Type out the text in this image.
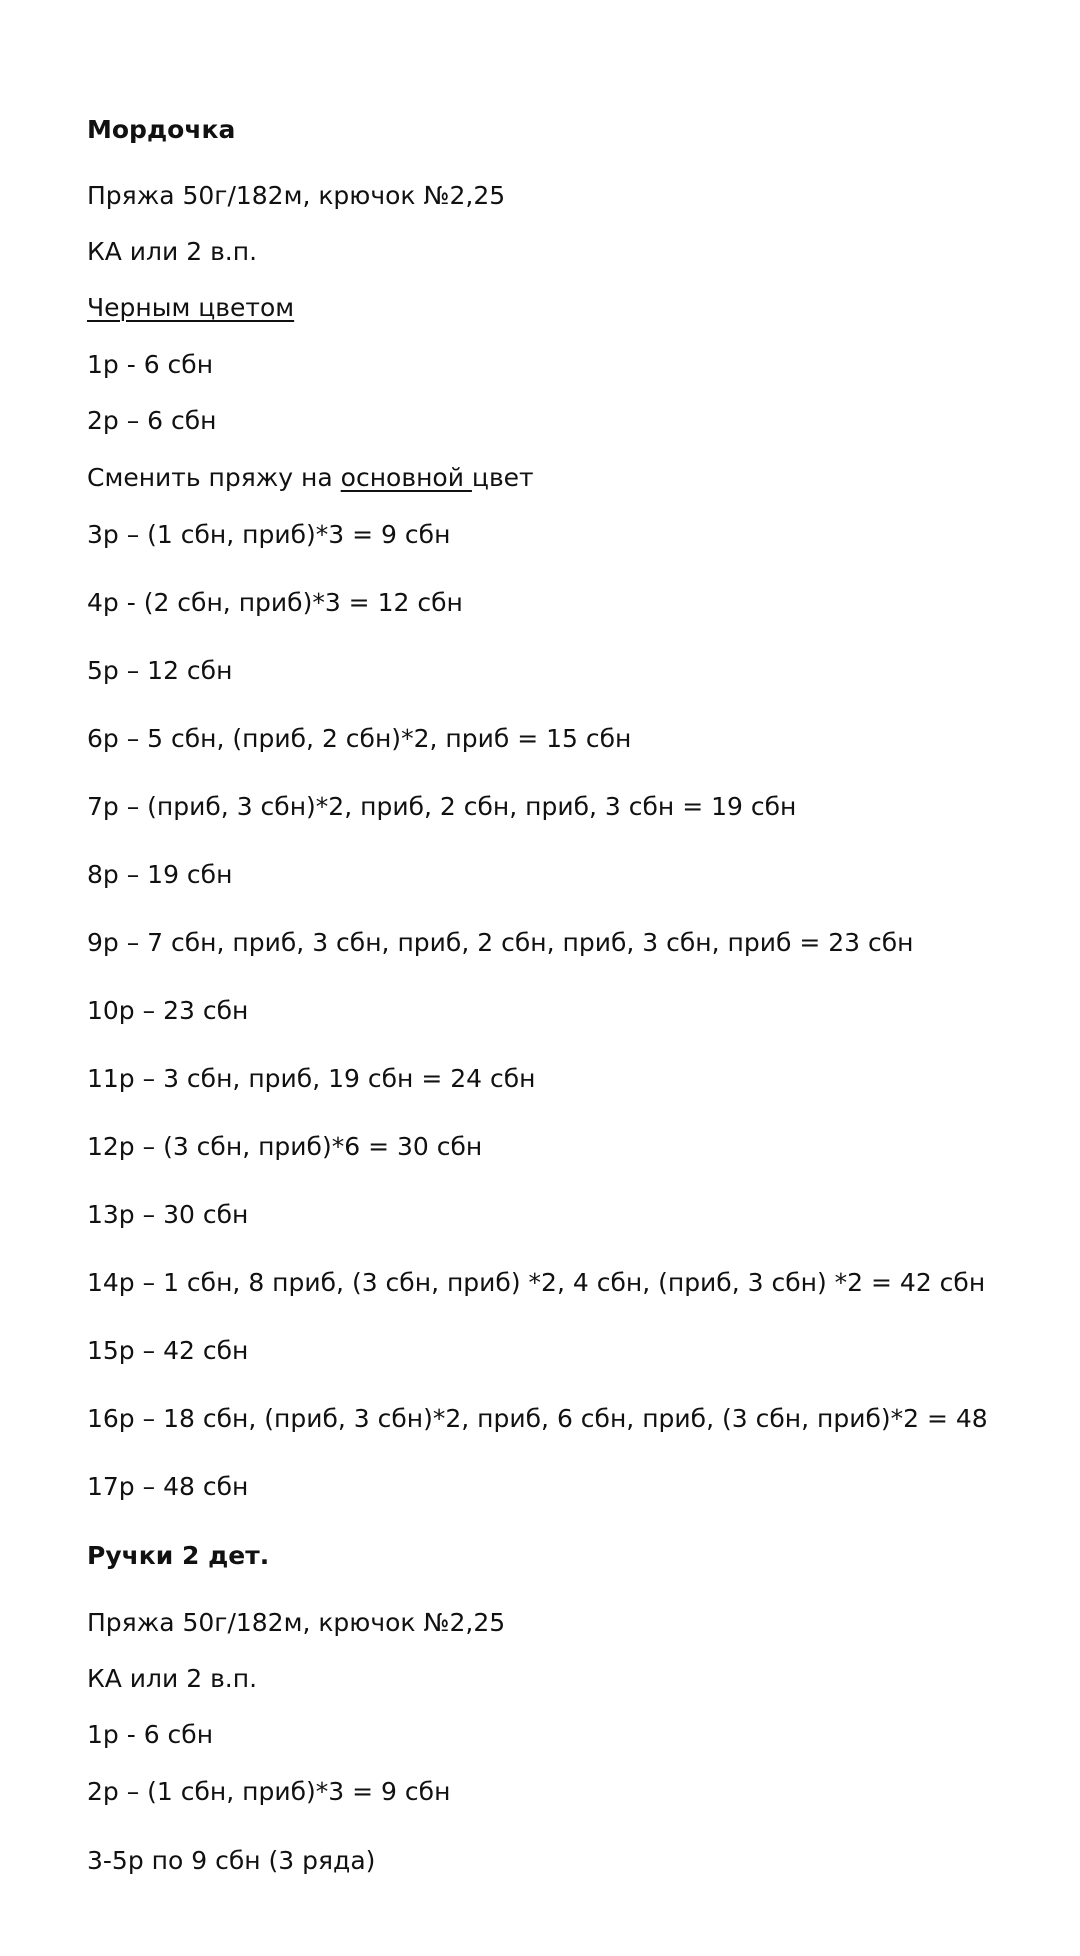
Мордочка
Пряжа 50г/182м, крючок №2,25
КА или 2 в.п.
Черным цветом
1р - 6 сбн
2р – 6 сбн
Сменить пряжу на основной цвет
3р – (1 сбн, приб)*3 = 9 сбн
4р - (2 сбн, приб)*3 = 12 сбн
5р – 12 сбн
6р – 5 сбн, (приб, 2 сбн)*2, приб = 15 сбн
7р – (приб, 3 сбн)*2, приб, 2 сбн, приб, 3 сбн = 19 сбн
8р – 19 сбн
9р – 7 сбн, приб, 3 сбн, приб, 2 сбн, приб, 3 сбн, приб = 23 сбн
10р – 23 сбн
11р – 3 сбн, приб, 19 сбн = 24 сбн
12р – (3 сбн, приб)*6 = 30 сбн
13р – 30 сбн
14р – 1 сбн, 8 приб, (3 сбн, приб) *2, 4 сбн, (приб, 3 сбн) *2 = 42 сбн
15р – 42 сбн
16р – 18 сбн, (приб, 3 сбн)*2, приб, 6 сбн, приб, (3 сбн, приб)*2 = 48
17р – 48 сбн
Ручки 2 дет.
Пряжа 50г/182м, крючок №2,25
КА или 2 в.п.
1р - 6 сбн
2р – (1 сбн, приб)*3 = 9 сбн
3-5р по 9 сбн (3 ряда)
